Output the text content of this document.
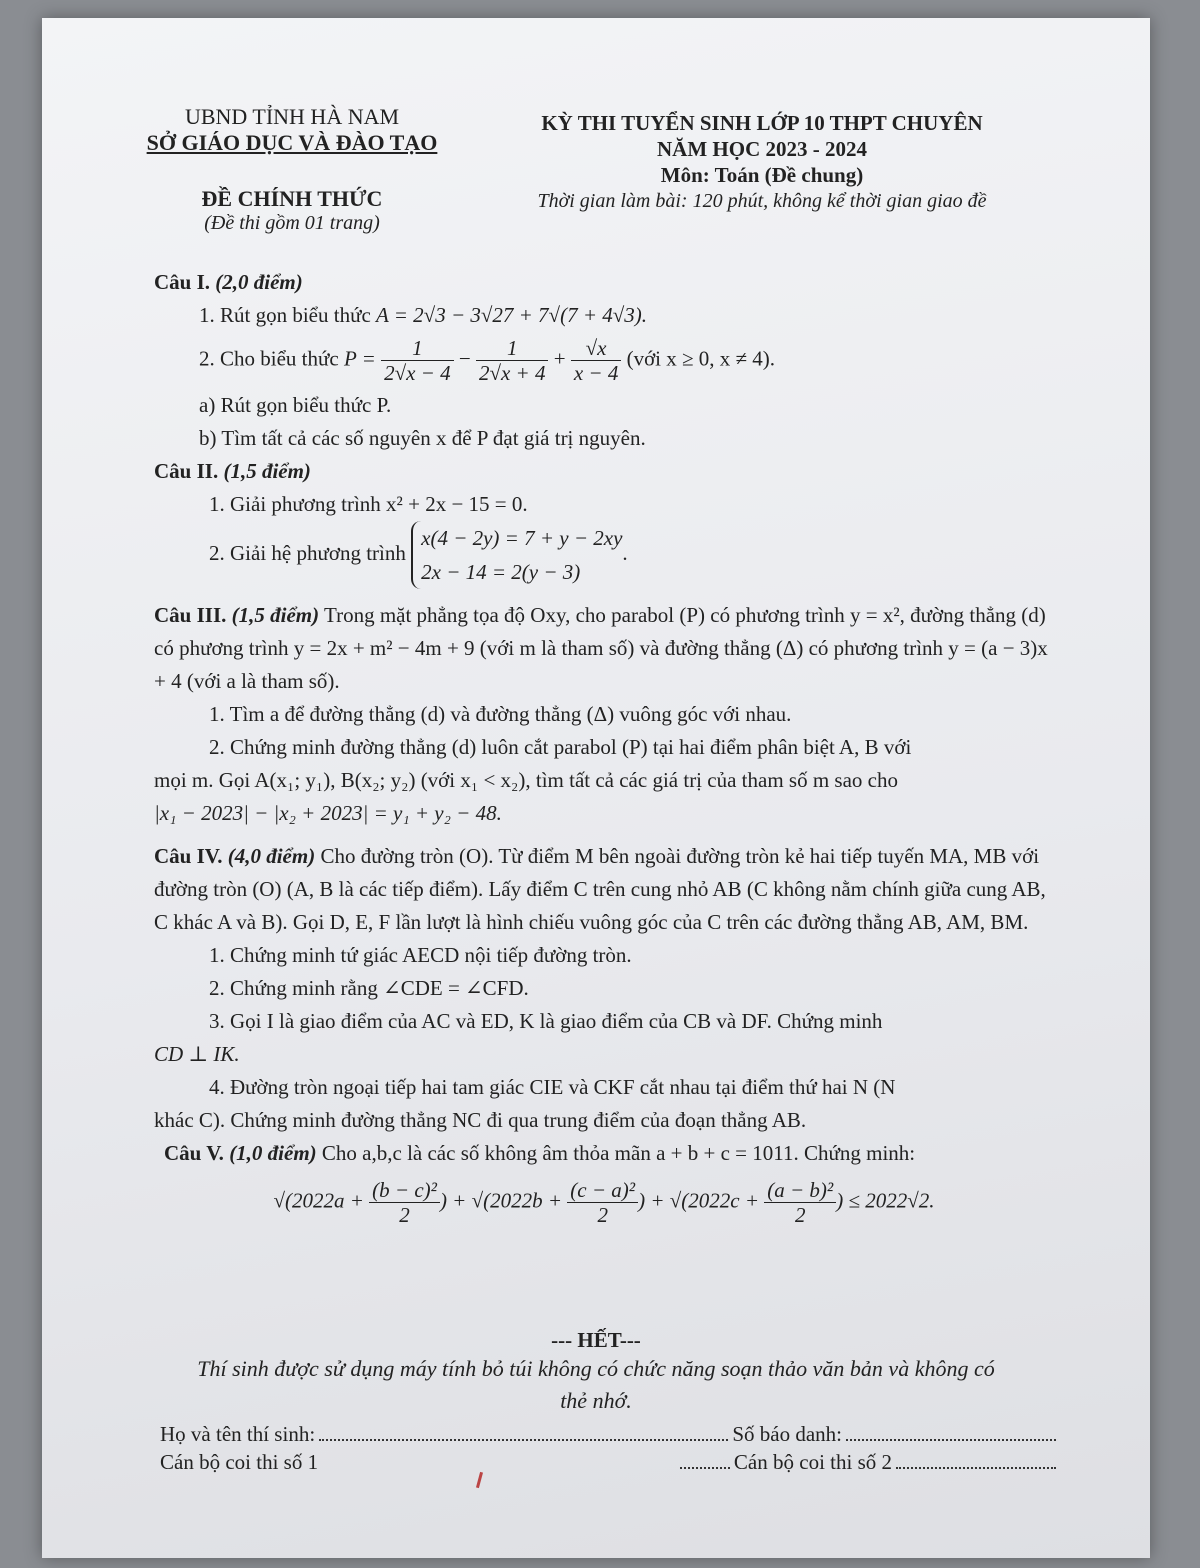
UBND TỈNH HÀ NAM
SỞ GIÁO DỤC VÀ ĐÀO TẠO
ĐỀ CHÍNH THỨC
(Đề thi gồm 01 trang)
KỲ THI TUYỂN SINH LỚP 10 THPT CHUYÊN
NĂM HỌC 2023 - 2024
Môn: Toán (Đề chung)
Thời gian làm bài: 120 phút, không kể thời gian giao đề
Câu I. (2,0 điểm)
1. Rút gọn biểu thức A = 2√3 − 3√27 + 7√(7 + 4√3).
2. Cho biểu thức $P = \frac{1}{2√x - 4} - \frac{1}{2√x + 4} + \frac{√x}{x - 4}$ (với x ≥ 0, x ≠ 4).
a) Rút gọn biểu thức P.
b) Tìm tất cả các số nguyên x để P đạt giá trị nguyên.
Câu II. (1,5 điểm)
1. Giải phương trình x² + 2x − 15 = 0.
2. Giải hệ phương trình
x(4 − 2y) = 7 + y − 2xy
2x − 14 = 2(y − 3)
.
Câu III. (1,5 điểm) Trong mặt phẳng tọa độ Oxy, cho parabol (P) có phương trình y = x², đường thẳng (d) có phương trình y = 2x + m² − 4m + 9 (với m là tham số) và đường thẳng (Δ) có phương trình y = (a − 3)x + 4 (với a là tham số).
1. Tìm a để đường thẳng (d) và đường thẳng (Δ) vuông góc với nhau.
2. Chứng minh đường thẳng (d) luôn cắt parabol (P) tại hai điểm phân biệt A, B với
mọi m. Gọi A(x₁; y₁), B(x₂; y₂) (với x₁ < x₂), tìm tất cả các giá trị của tham số m sao cho
|x₁ − 2023| − |x₂ + 2023| = y₁ + y₂ − 48.
Câu IV. (4,0 điểm) Cho đường tròn (O). Từ điểm M bên ngoài đường tròn kẻ hai tiếp tuyến MA, MB với đường tròn (O) (A, B là các tiếp điểm). Lấy điểm C trên cung nhỏ AB (C không nằm chính giữa cung AB, C khác A và B). Gọi D, E, F lần lượt là hình chiếu vuông góc của C trên các đường thẳng AB, AM, BM.
1. Chứng minh tứ giác AECD nội tiếp đường tròn.
2. Chứng minh rằng ∠CDE = ∠CFD.
3. Gọi I là giao điểm của AC và ED, K là giao điểm của CB và DF. Chứng minh
CD ⊥ IK.
4. Đường tròn ngoại tiếp hai tam giác CIE và CKF cắt nhau tại điểm thứ hai N (N
khác C). Chứng minh đường thẳng NC đi qua trung điểm của đoạn thẳng AB.
Câu V. (1,0 điểm) Cho a,b,c là các số không âm thỏa mãn a + b + c = 1011. Chứng minh:
$√(2022a + \frac{\text{(b − c)²}}{2}$ ) + $√(2022b + \frac{\text{(c − a)²}}{2}$ ) + $√(2022c + \frac{\text{(a − b)²}}{2}$ ) ≤ 2022√2.
--- HẾT---
Thí sinh được sử dụng máy tính bỏ túi không có chức năng soạn thảo văn bản và không có thẻ nhớ.
Họ và tên thí sinh:	Số báo danh:
Cán bộ coi thi số 1	Cán bộ coi thi số 2
